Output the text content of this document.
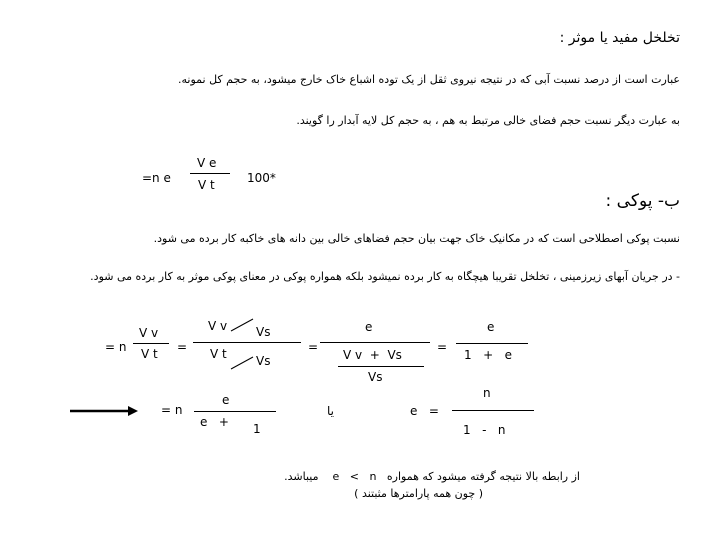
تخلخل مفید یا موثر :
عبارت است از درصد نسبت آبی که در نتیجه نیروی ثقل از یک توده اشباع خاک خارج میشود، به حجم کل نمونه.
به عبارت دیگر نسبت حجم فضای خالی مرتبط به هم ، به حجم کل لایه آبدار را گویند.
=n e
V e
V t	100*
ب- پوکی :
نسبت پوکی اصطلاحی است که در مکانیک خاک جهت بیان حجم فضاهای خالی بین دانه های خاکبه کار برده می شود.
- در جریان آبهای زیرزمینی ، تخلخل تقریبا هیچگاه به کار برده نمیشود بلکه همواره پوکی در معنای پوکی موثر به کار برده می شود.
= n
V v
V t =
V v Vs
V t Vs
=
e
V v  +  Vs
Vs
=
e
1   +   e
= n
e
e   + 1
یا	e   =
n
1   -   n
از رابطه بالا نتیجه گرفته میشود که همواره   e   <   n    میباشد.
( چون همه پارامترها مثبتند )
